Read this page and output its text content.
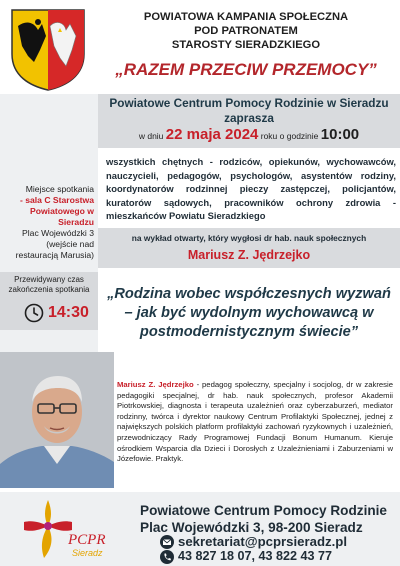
POWIATOWA KAMPANIA SPOŁECZNA
POD PATRONATEM
STAROSTY SIERADZKIEGO
„RAZEM PRZECIW PRZEMOCY”
Miejsce spotkania
- sala C Starostwa Powiatowego w Sieradzu
Plac Wojewódzki 3 (wejście nad restauracją Marusia)
Przewidywany czas zakończenia spotkania
14:30
Powiatowe Centrum Pomocy Rodzinie w Sieradzu
zaprasza
w dniu 22 maja 2024 roku o godzinie 10:00
wszystkich chętnych - rodziców, opiekunów, wychowawców, nauczycieli, pedagogów, psychologów, asystentów rodziny, koordynatorów rodzinnej pieczy zastępczej, policjantów, kuratorów sądowych, pracowników ochrony zdrowia - mieszkańców Powiatu Sieradzkiego
na wykład otwarty, który wygłosi dr hab. nauk społecznych
Mariusz Z. Jędrzejko
„Rodzina wobec współczesnych wyzwań – jak być wydolnym wychowawcą w postmodernistycznym świecie”
Mariusz Z. Jędrzejko - pedagog społeczny, specjalny i socjolog, dr w zakresie pedagogiki specjalnej, dr hab. nauk społecznych, profesor Akademii Piotrkowskiej, diagnosta i terapeuta uzależnień oraz cyberzaburzeń, mediator rodzinny, twórca i dyrektor naukowy Centrum Profilaktyki Społecznej, jednej z największych polskich platform profilaktyki zachowań ryzykownych i uzależnień, przewodniczący Rady Programowej Fundacji Bonum Humanum. Kieruje ośrodkiem Wsparcia dla Dzieci i Dorosłych z Uzależnieniami i Zaburzeniami w Józefowie. Praktyk.
PCPR
Sieradz
Powiatowe Centrum Pomocy Rodzinie
Plac Wojewódzki 3, 98-200 Sieradz
sekretariat@pcprsieradz.pl
43 827 18 07, 43 822 43 77
